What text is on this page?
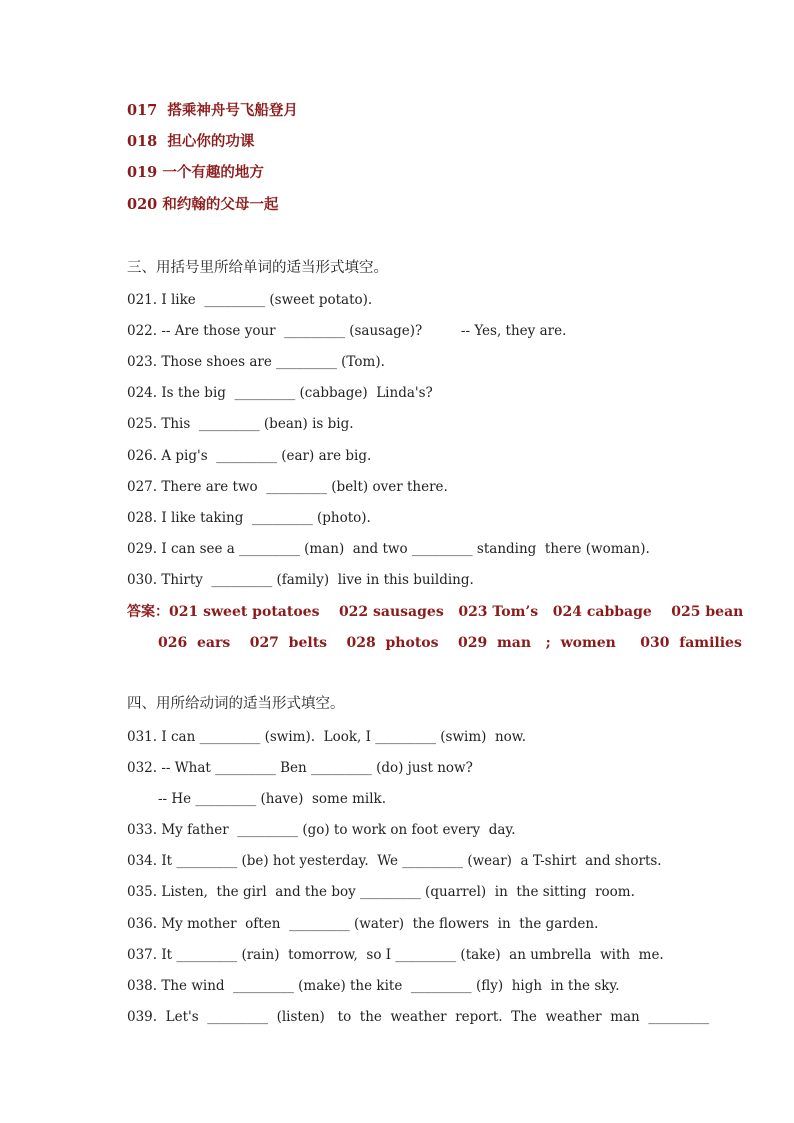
017  搭乘神舟号飞船登月
018  担心你的功课
019 一个有趣的地方
020 和约翰的父母一起
三、用括号里所给单词的适当形式填空。
021. I like  _________ (sweet potato).
022. -- Are those your  _________ (sausage)?         -- Yes, they are.
023. Those shoes are _________ (Tom).
024. Is the big  _________ (cabbage)  Linda's?
025. This  _________ (bean) is big.
026. A pig's  _________ (ear) are big.
027. There are two  _________ (belt) over there.
028. I like taking  _________ (photo).
029. I can see a _________ (man)  and two _________ standing  there (woman).
030. Thirty  _________ (family)  live in this building.
答案：021 sweet potatoes    022 sausages   023 Tom’s   024 cabbage    025 bean
026  ears    027  belts    028  photos    029  man   ;  women     030  families
四、用所给动词的适当形式填空。
031. I can _________ (swim).  Look, I _________ (swim)  now.
032. -- What _________ Ben _________ (do) just now?
-- He _________ (have)  some milk.
033. My father  _________ (go) to work on foot every  day.
034. It _________ (be) hot yesterday.  We _________ (wear)  a T-shirt  and shorts.
035. Listen,  the girl  and the boy _________ (quarrel)  in  the sitting  room.
036. My mother  often  _________ (water)  the flowers  in  the garden.
037. It _________ (rain)  tomorrow,  so I _________ (take)  an umbrella  with  me.
038. The wind  _________ (make) the kite  _________ (fly)  high  in the sky.
039.  Let's  _________  (listen)   to  the  weather  report.  The  weather  man  _________
